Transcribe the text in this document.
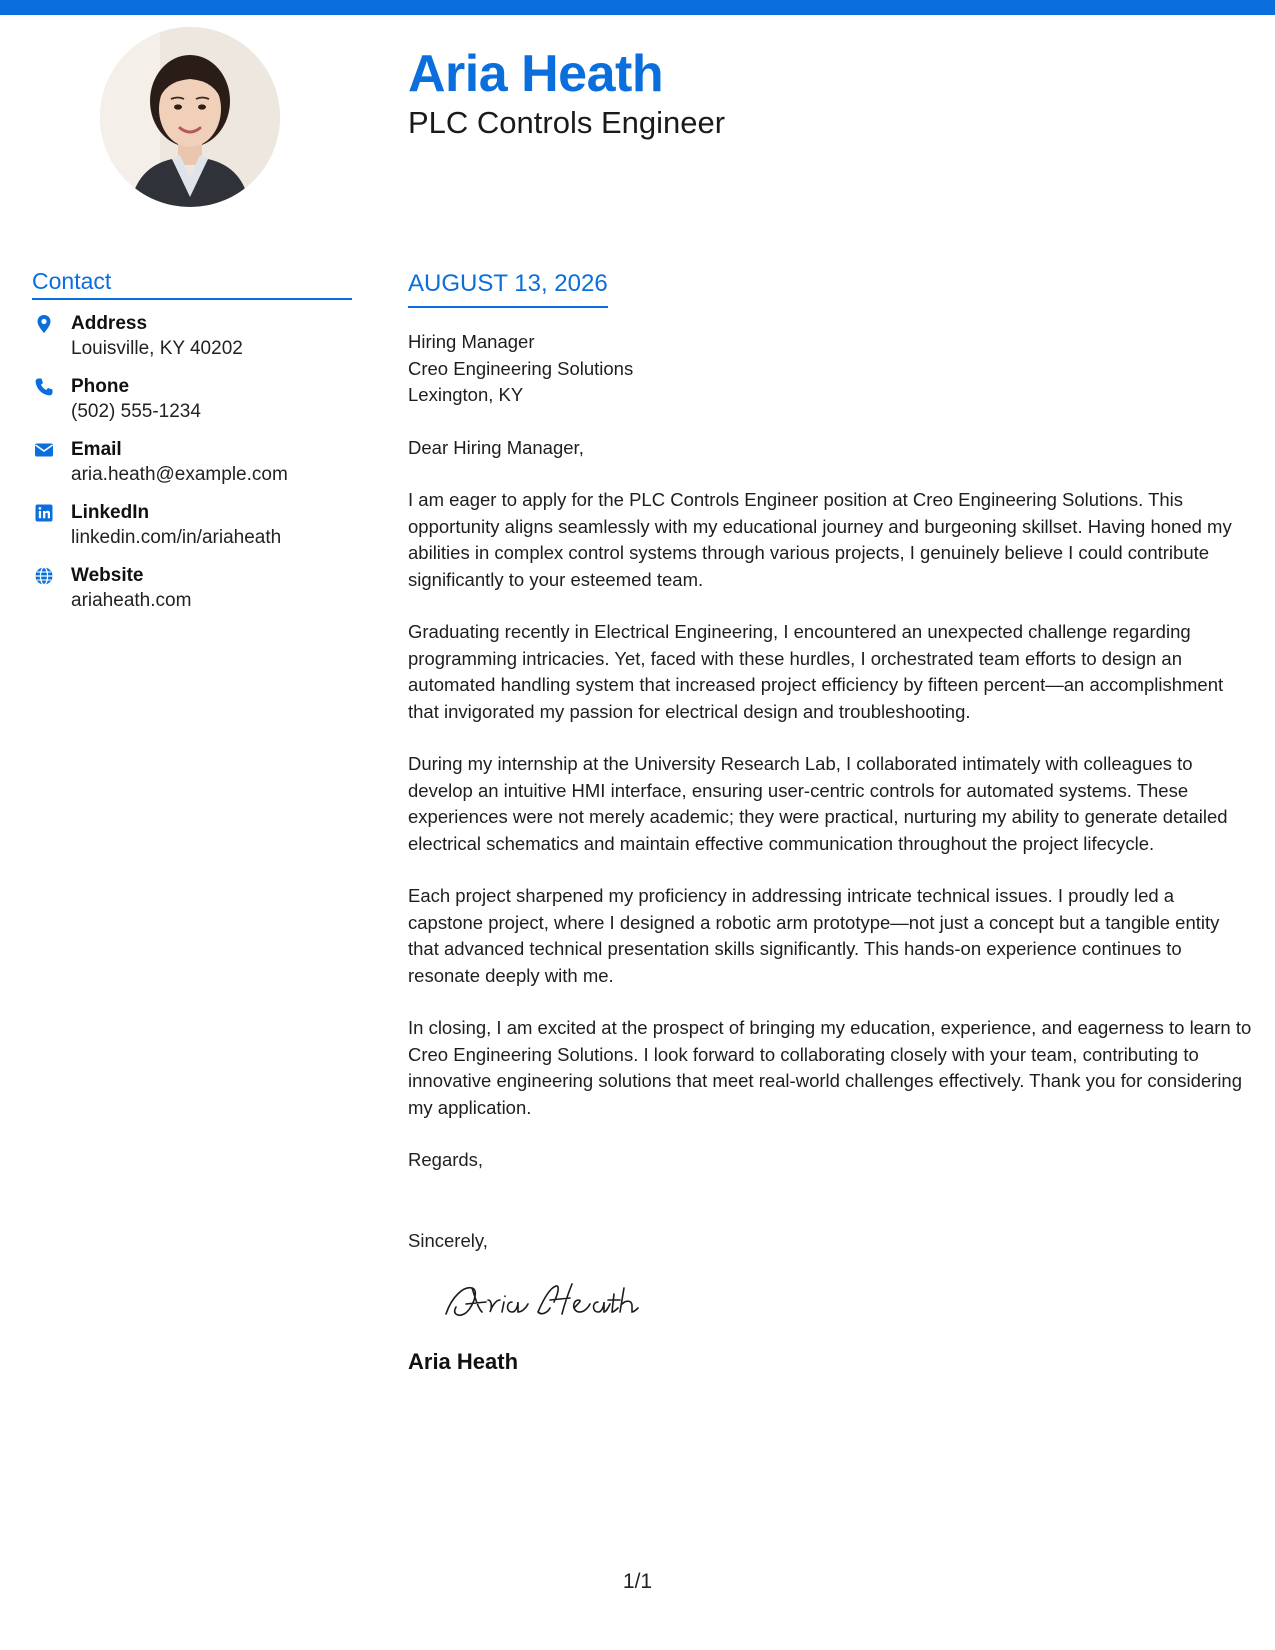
Aria Heath
PLC Controls Engineer
Contact
Address
Louisville, KY 40202
Phone
(502) 555-1234
Email
aria.heath@example.com
LinkedIn
linkedin.com/in/ariaheath
Website
ariaheath.com
AUGUST 13, 2026
Hiring Manager
Creo Engineering Solutions
Lexington, KY

Dear Hiring Manager,

I am eager to apply for the PLC Controls Engineer position at Creo Engineering Solutions. This opportunity aligns seamlessly with my educational journey and burgeoning skillset. Having honed my abilities in complex control systems through various projects, I genuinely believe I could contribute significantly to your esteemed team.

Graduating recently in Electrical Engineering, I encountered an unexpected challenge regarding programming intricacies. Yet, faced with these hurdles, I orchestrated team efforts to design an automated handling system that increased project efficiency by fifteen percent—an accomplishment that invigorated my passion for electrical design and troubleshooting.

During my internship at the University Research Lab, I collaborated intimately with colleagues to develop an intuitive HMI interface, ensuring user-centric controls for automated systems. These experiences were not merely academic; they were practical, nurturing my ability to generate detailed electrical schematics and maintain effective communication throughout the project lifecycle.

Each project sharpened my proficiency in addressing intricate technical issues. I proudly led a capstone project, where I designed a robotic arm prototype—not just a concept but a tangible entity that advanced technical presentation skills significantly. This hands-on experience continues to resonate deeply with me.

In closing, I am excited at the prospect of bringing my education, experience, and eagerness to learn to Creo Engineering Solutions. I look forward to collaborating closely with your team, contributing to innovative engineering solutions that meet real-world challenges effectively. Thank you for considering my application.

Regards,

Sincerely,

Aria Heath
1/1
